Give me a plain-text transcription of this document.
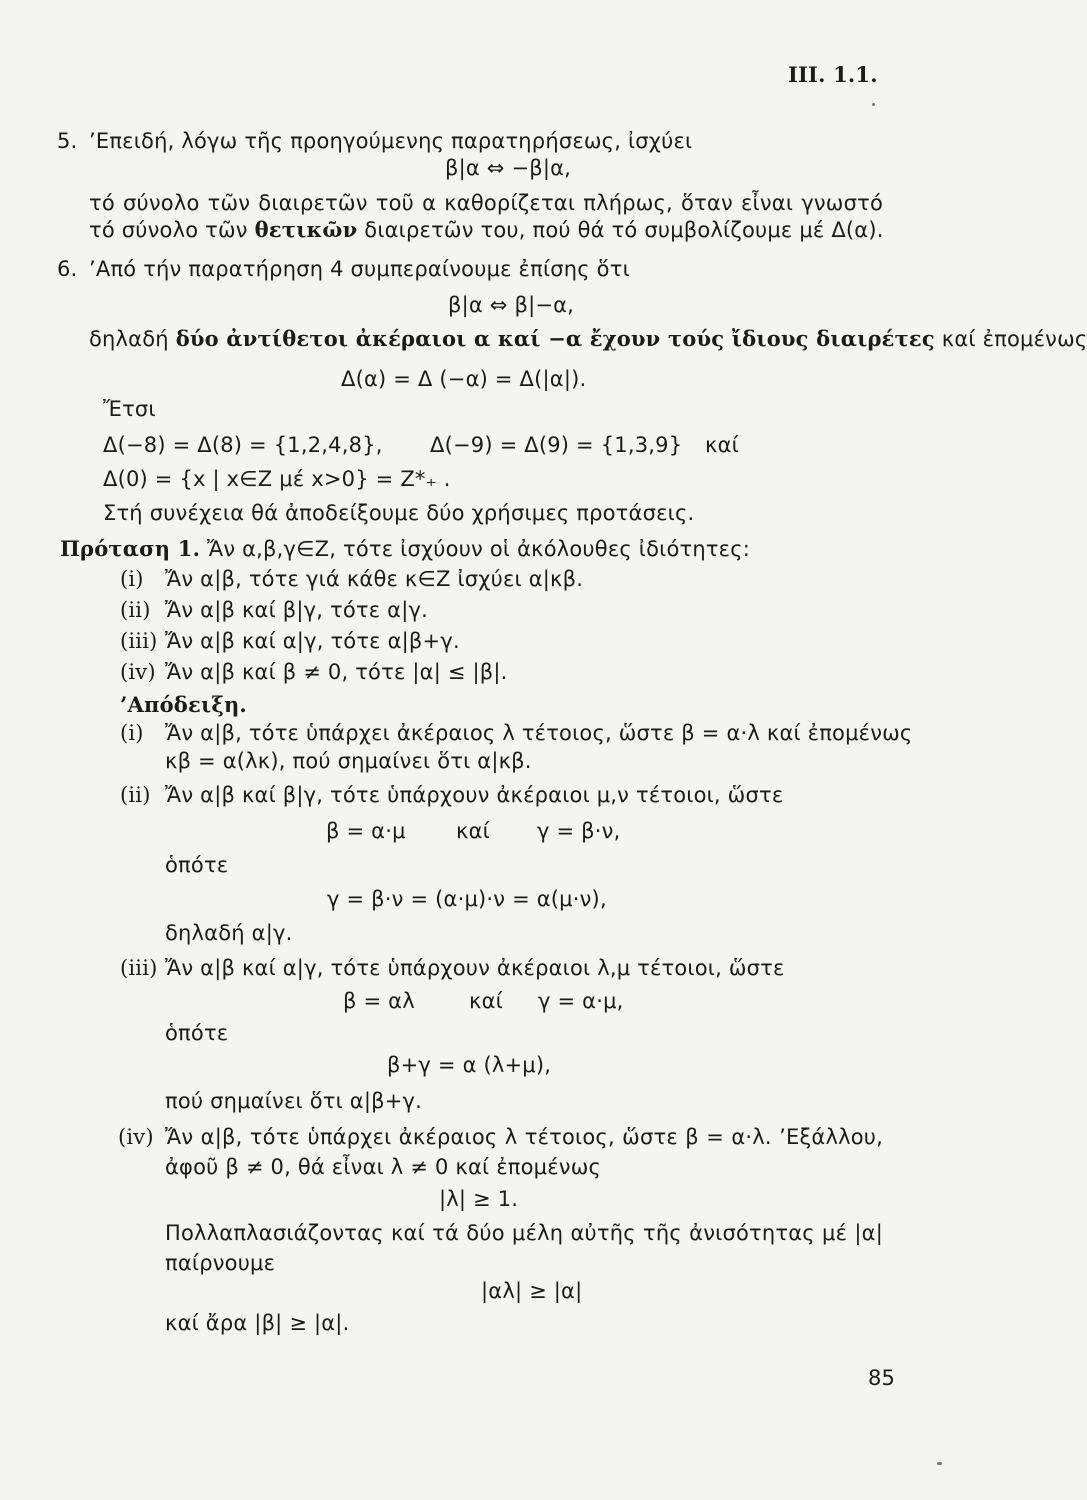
III. 1.1.
5. ’Επειδή, λόγω τῆς προηγούμενης παρατηρήσεως, ἰσχύει
β|α ⇔ −β|α,
τό σύνολο τῶν διαιρετῶν τοῦ α καθορίζεται πλήρως, ὅταν εἶναι γνωστό
τό σύνολο τῶν θετικῶν διαιρετῶν του, πού θά τό συμβολίζουμε μέ Δ(α).
6. ’Από τήν παρατήρηση 4 συμπεραίνουμε ἐπίσης ὅτι
β|α ⇔ β|−α,
δηλαδή δύο ἀντίθετοι ἀκέραιοι α καί −α ἔχουν τούς ἴδιους διαιρέτες καί ἐπομένως
Δ(α) = Δ (−α) = Δ(|α|).
Ἔτσι
Δ(−8) = Δ(8) = {1,2,4,8}, Δ(−9) = Δ(9) = {1,3,9} καί
Δ(0) = {x | x∈Z μέ x>0} = Z*₊ .
Στή συνέχεια θά ἀποδείξουμε δύο χρήσιμες προτάσεις.
Πρόταση 1. Ἄν α,β,γ∈Z, τότε ἰσχύουν οἱ ἀκόλουθες ἰδιότητες:
(i) Ἄν α|β, τότε γιά κάθε κ∈Z ἰσχύει α|κβ.
(ii) Ἄν α|β καί β|γ, τότε α|γ.
(iii) Ἄν α|β καί α|γ, τότε α|β+γ.
(iv) Ἄν α|β καί β ≠ 0, τότε |α| ≤ |β|.
’Απόδειξη.
(i) Ἄν α|β, τότε ὑπάρχει ἀκέραιος λ τέτοιος, ὥστε β = α·λ καί ἐπομένως
κβ = α(λκ), πού σημαίνει ὅτι α|κβ.
(ii) Ἄν α|β καί β|γ, τότε ὑπάρχουν ἀκέραιοι μ,ν τέτοιοι, ὥστε
β = α·μ καί γ = β·ν,
ὁπότε
γ = β·ν = (α·μ)·ν = α(μ·ν),
δηλαδή α|γ.
(iii) Ἄν α|β καί α|γ, τότε ὑπάρχουν ἀκέραιοι λ,μ τέτοιοι, ὥστε
β = αλ	καί γ = α·μ,
ὁπότε
β+γ = α (λ+μ),
πού σημαίνει ὅτι α|β+γ.
(iv) Ἄν α|β, τότε ὑπάρχει ἀκέραιος λ τέτοιος, ὥστε β = α·λ. ’Εξάλλου,
ἀφοῦ β ≠ 0, θά εἶναι λ ≠ 0 καί ἐπομένως
|λ| ≥ 1.
Πολλαπλασιάζοντας καί τά δύο μέλη αὐτῆς τῆς ἀνισότητας μέ |α|
παίρνουμε
|αλ| ≥ |α|
καί ἄρα |β| ≥ |α|.
85
